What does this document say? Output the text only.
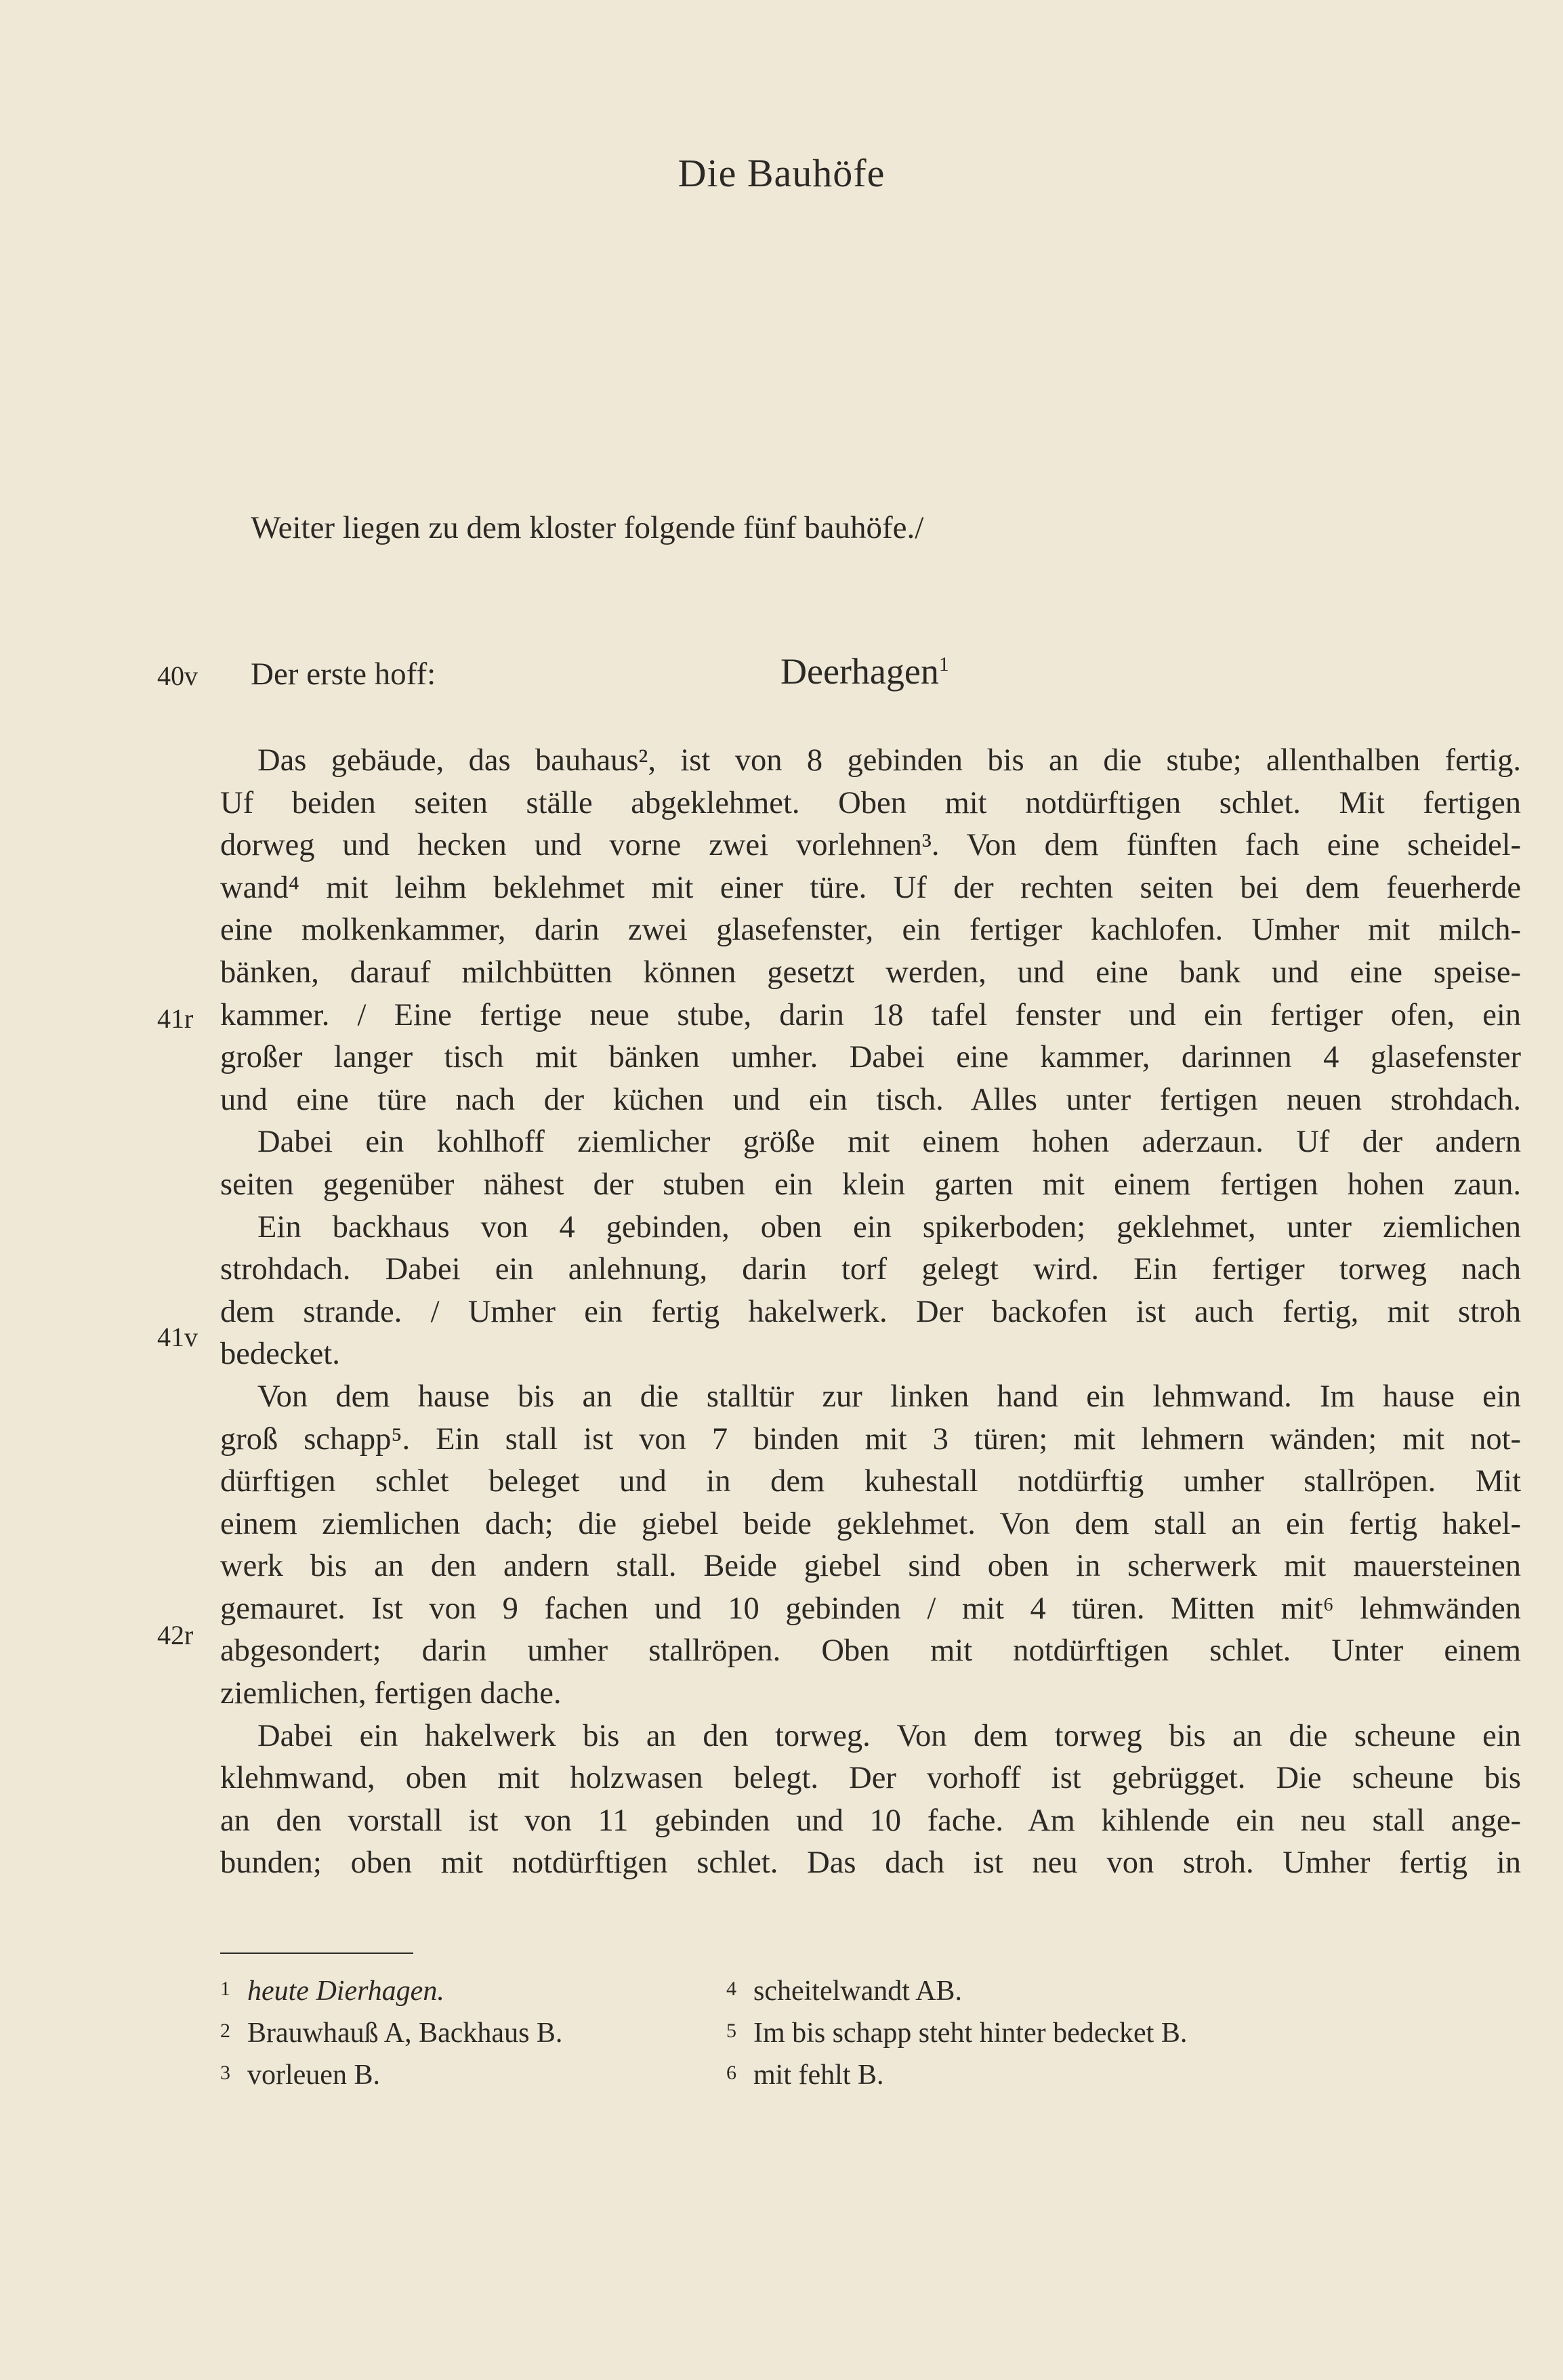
Die Bauhöfe
Weiter liegen zu dem kloster folgende fünf bauhöfe./
40v Der erste hoff:	Deerhagen$^1$
41r
41v
42r
Das gebäude, das bauhaus², ist von 8 gebinden bis an die stube; allenthalben fertig.
Uf beiden seiten ställe abgeklehmet. Oben mit notdürftigen schlet. Mit fertigen
dorweg und hecken und vorne zwei vorlehnen³. Von dem fünften fach eine scheidel-
wand⁴ mit leihm beklehmet mit einer türe. Uf der rechten seiten bei dem feuerherde
eine molkenkammer, darin zwei glasefenster, ein fertiger kachlofen. Umher mit milch-
bänken, darauf milchbütten können gesetzt werden, und eine bank und eine speise-
kammer. / Eine fertige neue stube, darin 18 tafel fenster und ein fertiger ofen, ein
großer langer tisch mit bänken umher. Dabei eine kammer, darinnen 4 glasefenster
und eine türe nach der küchen und ein tisch. Alles unter fertigen neuen strohdach.
Dabei ein kohlhoff ziemlicher größe mit einem hohen aderzaun. Uf der andern
seiten gegenüber nähest der stuben ein klein garten mit einem fertigen hohen zaun.
Ein backhaus von 4 gebinden, oben ein spikerboden; geklehmet, unter ziemlichen
strohdach. Dabei ein anlehnung, darin torf gelegt wird. Ein fertiger torweg nach
dem strande. / Umher ein fertig hakelwerk. Der backofen ist auch fertig, mit stroh
bedecket.
Von dem hause bis an die stalltür zur linken hand ein lehmwand. Im hause ein
groß schapp⁵. Ein stall ist von 7 binden mit 3 türen; mit lehmern wänden; mit not-
dürftigen schlet beleget und in dem kuhestall notdürftig umher stallröpen. Mit
einem ziemlichen dach; die giebel beide geklehmet. Von dem stall an ein fertig hakel-
werk bis an den andern stall. Beide giebel sind oben in scherwerk mit mauersteinen
gemauret. Ist von 9 fachen und 10 gebinden / mit 4 türen. Mitten mit⁶ lehmwänden
abgesondert; darin umher stallröpen. Oben mit notdürftigen schlet. Unter einem
ziemlichen, fertigen dache.
Dabei ein hakelwerk bis an den torweg. Von dem torweg bis an die scheune ein
klehmwand, oben mit holzwasen belegt. Der vorhoff ist gebrügget. Die scheune bis
an den vorstall ist von 11 gebinden und 10 fache. Am kihlende ein neu stall ange-
bunden; oben mit notdürftigen schlet. Das dach ist neu von stroh. Umher fertig in
1 heute Dierhagen.
2 Brauwhauß A, Backhaus B.
3 vorleuen B.
4 scheitelwandt AB.
5 Im bis schapp steht hinter bedecket B.
6 mit fehlt B.
